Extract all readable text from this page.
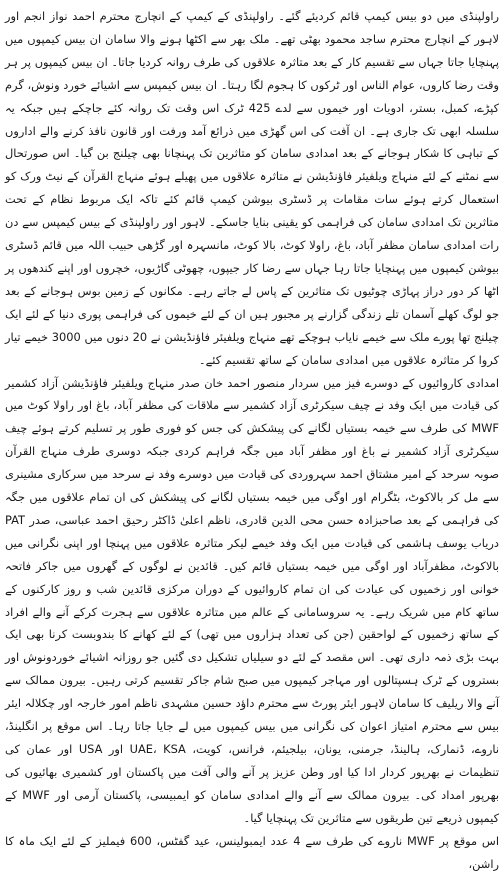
راولپنڈی میں دو بیس کیمپ قائم کردیئے گئے۔ راولپنڈی کے کیمپ کے انچارج محترم احمد نواز انجم اور لاہور کے انچارج محترم ساجد محمود بھٹی تھے۔ ملک بھر سے اکٹھا ہونے والا سامان ان بیس کیمپوں میں پہنچایا جاتا جہاں سے تقسیم کار کے بعد متاثرہ علاقوں کی طرف روانہ کردیا جاتا۔ ان بیس کیمپوں پر ہر وقت رضا کاروں، عوام الناس اور ٹرکوں کا ہجوم لگا رہتا۔ ان بیس کیمپس سے اشیائے خورد ونوش، گرم کپڑے، کمبل، بستر، ادویات اور خیموں سے لدے 425 ٹرک اس وقت تک روانہ کئے جاچکے ہیں جبکہ یہ سلسلہ ابھی تک جاری ہے۔ ان آفت کی اس گھڑی میں ذرائع آمد ورفت اور قانون نافذ کرنے والے اداروں کے تباہی کا شکار ہوجانے کے بعد امدادی سامان کو متاثرین تک پہنچانا بھی چیلنج بن گیا۔ اس صورتحال سے نمٹنے کے لئے منہاج ویلفیئر فاؤنڈیشن نے متاثرہ علاقوں میں پھیلے ہوئے منہاج القرآن کے نیٹ ورک کو استعمال کرتے ہوئے سات مقامات پر ڈسٹری بیوشن کیمپ قائم کئے تاکہ ایک مربوط نظام کے تحت متاثرین تک امدادی سامان کی فراہمی کو یقینی بنایا جاسکے۔ لاہور اور راولپنڈی کے بیس کیمپس سے دن رات امدادی سامان مظفر آباد، باغ، راولا کوٹ، بالا کوٹ، مانسہرہ اور گڑھی حبیب اللہ میں قائم ڈسٹری بیوشن کیمپوں میں پہنچایا جاتا رہا جہاں سے رضا کار جیپوں، چھوٹی گاڑیوں، خچروں اور اپنے کندھوں پر اٹھا کر دور دراز پہاڑی چوٹیوں تک متاثرین کے پاس لے جاتے رہے۔ مکانوں کے زمین بوس ہوجانے کے بعد جو لوگ کھلے آسمان تلے زندگی گزارنے پر مجبور ہیں ان کے لئے خیموں کی فراہمی پوری دنیا کے لئے ایک چیلنج تھا پورے ملک سے خیمے نایاب ہوچکے تھے منہاج ویلفیئر فاؤنڈیشن نے 20 دنوں میں 3000 خیمے تیار کروا کر متاثرہ علاقوں میں امدادی سامان کے ساتھ تقسیم کئے۔

امدادی کاروائیوں کے دوسرے فیز میں سردار منصور احمد خان صدر منہاج ویلفیئر فاؤنڈیشن آزاد کشمیر کی قیادت میں ایک وفد نے چیف سیکرٹری آزاد کشمیر سے ملاقات کی مظفر آباد، باغ اور راولا کوٹ میں MWF کی طرف سے خیمہ بستیاں لگانے کی پیشکش کی جس کو فوری طور پر تسلیم کرتے ہوئے چیف سیکرٹری آزاد کشمیر نے باغ اور مظفر آباد میں جگہ فراہم کردی جبکہ دوسری طرف منہاج القرآن صوبہ سرحد کے امیر مشتاق احمد سہروردی کی قیادت میں دوسرے وفد نے سرحد میں سرکاری مشینری سے مل کر بالاکوٹ، بٹگرام اور اوگی میں خیمہ بستیاں لگانے کی پیشکش کی ان تمام علاقوں میں جگہ کی فراہمی کے بعد صاحبزادہ حسن محی الدین قادری، ناظم اعلیٰ ڈاکٹر رحیق احمد عباسی، صدر PAT دریاب یوسف ہاشمی کی قیادت میں ایک وفد خیمے لیکر متاثرہ علاقوں میں پہنچا اور اپنی نگرانی میں بالاکوٹ، مظفرآباد اور اوگی میں خیمہ بستیاں قائم کیں۔ قائدین نے لوگوں کے گھروں میں جاکر فاتحہ خوانی اور زخمیوں کی عیادت کی ان تمام کاروائیوں کے دوران مرکزی قائدین شب و روز کارکنوں کے ساتھ کام میں شریک رہے۔ یہ سروسامانی کے عالم میں متاثرہ علاقوں سے ہجرت کرکے آنے والے افراد کے ساتھ زخمیوں کے لواحقین (جن کی تعداد ہزاروں میں تھی) کے لئے کھانے کا بندوبست کرنا بھی ایک بہت بڑی ذمہ داری تھی۔ اس مقصد کے لئے دو سیلیاں تشکیل دی گئیں جو روزانہ اشیائے خوردونوش اور بستروں کے ٹرک ہسپتالوں اور مہاجر کیمپوں میں صبح شام جاکر تقسیم کرتی رہیں۔ بیرون ممالک سے آنے والا ریلیف کا سامان لاہور ایئر پورٹ سے محترم داؤد حسین مشہدی ناظم امور خارجہ اور چکلالہ ایئر بیس سے محترم امتیاز اعوان کی نگرانی میں بیس کیمپوں میں لے جایا جاتا رہا۔ اس موقع پر انگلینڈ، ناروے، ڈنمارک، ہالینڈ، جرمنی، یونان، بیلجیئم، فرانس، کویت، UAE، KSA اور USA اور عمان کی تنظیمات نے بھرپور کردار ادا کیا اور وطن عزیز پر آنے والی آفت میں پاکستان اور کشمیری بھائیوں کی بھرپور امداد کی۔ بیرون ممالک سے آنے والے امدادی سامان کو ایمبیسی، پاکستان آرمی اور MWF کے کیمپوں ذریعے تین طریقوں سے متاثرین تک پہنچایا گیا۔

اس موقع پر MWF ناروے کی طرف سے 4 عدد ایمبولینس، عید گفٹس، 600 فیملیز کے لئے ایک ماہ کا راشن،
